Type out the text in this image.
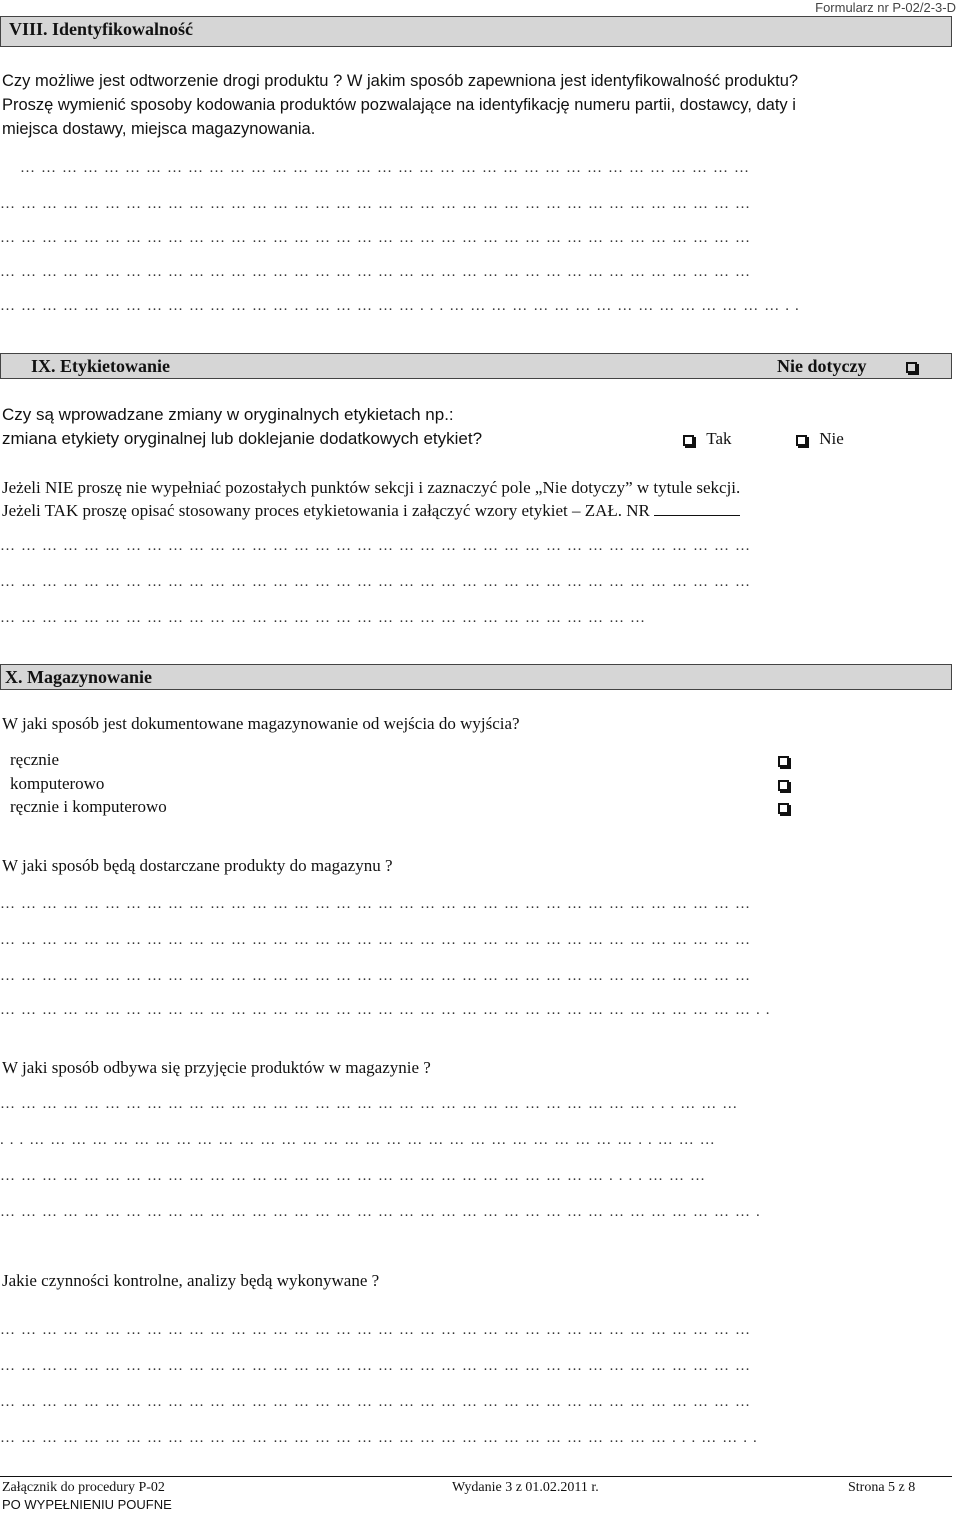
Formularz nr P-02/2-3-D
VIII. Identyfikowalność
Czy możliwe jest odtworzenie drogi produktu ? W jakim sposób zapewniona jest identyfikowalność produktu?
Proszę wymienić sposoby kodowania produktów pozwalające na identyfikację numeru partii, dostawcy, daty i
miejsca dostawy, miejsca magazynowania.
……………………………………………………………………………………………
………………………………………………………………………………………………
………………………………………………………………………………………………
………………………………………………………………………………………………
……………………………………………………...…………………………………………..
IX. Etykietowanie	Nie dotyczy
Czy są wprowadzane zmiany w oryginalnych etykietach np.:
zmiana etykiety oryginalnej lub doklejanie dodatkowych etykiet?	Tak	Nie
Jeżeli NIE proszę nie wypełniać pozostałych punktów sekcji i zaznaczyć pole „Nie dotyczy” w tytule sekcji.
Jeżeli TAK proszę opisać stosowany proces etykietowania i załączyć wzory etykiet – ZAŁ. NR
………………………………………………………………………………………………
………………………………………………………………………………………………
…………………………………………………………………………………
X. Magazynowanie
W jaki sposób jest dokumentowane magazynowanie od wejścia do wyjścia?
ręcznie
komputerowo
ręcznie i komputerowo
W jaki sposób będą dostarczane produkty do magazynu ?
………………………………………………………………………………………………
………………………………………………………………………………………………
………………………………………………………………………………………………
………………………………………………………………………………………………..
W jaki sposób odbywa się przyjęcie produktów w magazynie ?
…………………………………………………………………………………...………
...……………………………………………………………………………..………
……………………………………………………………………………....………
……………………………………………………………………………………………….
Jakie czynności kontrolne, analizy będą wykonywane ?
………………………………………………………………………………………………
………………………………………………………………………………………………
………………………………………………………………………………………………
……………………………………………………………………………………...……..
Załącznik do procedury P-02	Wydanie 3 z 01.02.2011 r.	Strona 5 z 8
PO WYPEŁNIENIU POUFNE
